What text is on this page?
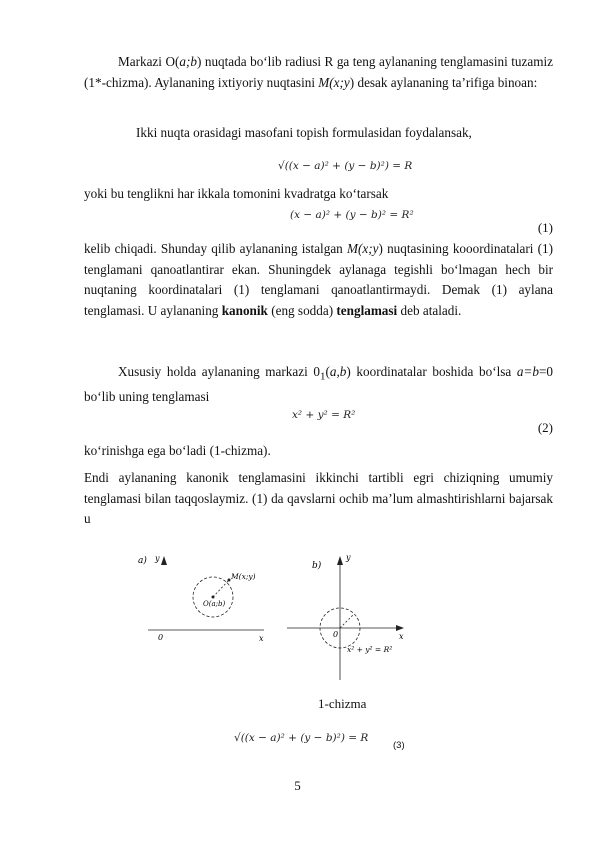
Markazi O(a;b) nuqtada bo‘lib radiusi R ga teng aylananing tenglamasini tuzamiz (1*-chizma). Aylananing ixtiyoriy nuqtasini M(x;y) desak aylananing ta’rifiga binoan:

Ikki nuqta orasidagi masofani topish formulasidan foydalansak,

√((x − a)² + (y − b)²) = R

yoki bu tenglikni har ikkala tomonini kvadratga ko‘tarsak

(x − a)² + (y − b)² = R²
(1)

kelib chiqadi. Shunday qilib aylananing istalgan M(x;y) nuqtasining kooordinatalari (1) tenglamani qanoatlantirar ekan. Shuningdek aylanaga tegishli bo‘lmagan hech bir nuqtaning koordinatalari (1) tenglamani qanoatlantirmaydi. Demak (1) aylana tenglamasi. U aylananing kanonik (eng sodda) tenglamasi deb ataladi.

Xususiy holda aylananing markazi $0_1(a,b)$ koordinatalar boshida bo‘lsa a=b=0 bo‘lib uning tenglamasi

x² + y² = R²
(2)

ko‘rinishga ega bo‘ladi (1-chizma).

Endi aylananing kanonik tenglamasini ikkinchi tartibli egri chiziqning umumiy tenglamasi bilan taqqoslaymiz. (1) da qavslarni ochib ma’lum almashtirishlarni bajarsak u

a) y
0	x
M(x;y)
O(a;b)
b)
y
x
0
x² + y² = R²
1-chizma
√((x − a)² + (y − b)²) = R
(3)
5
